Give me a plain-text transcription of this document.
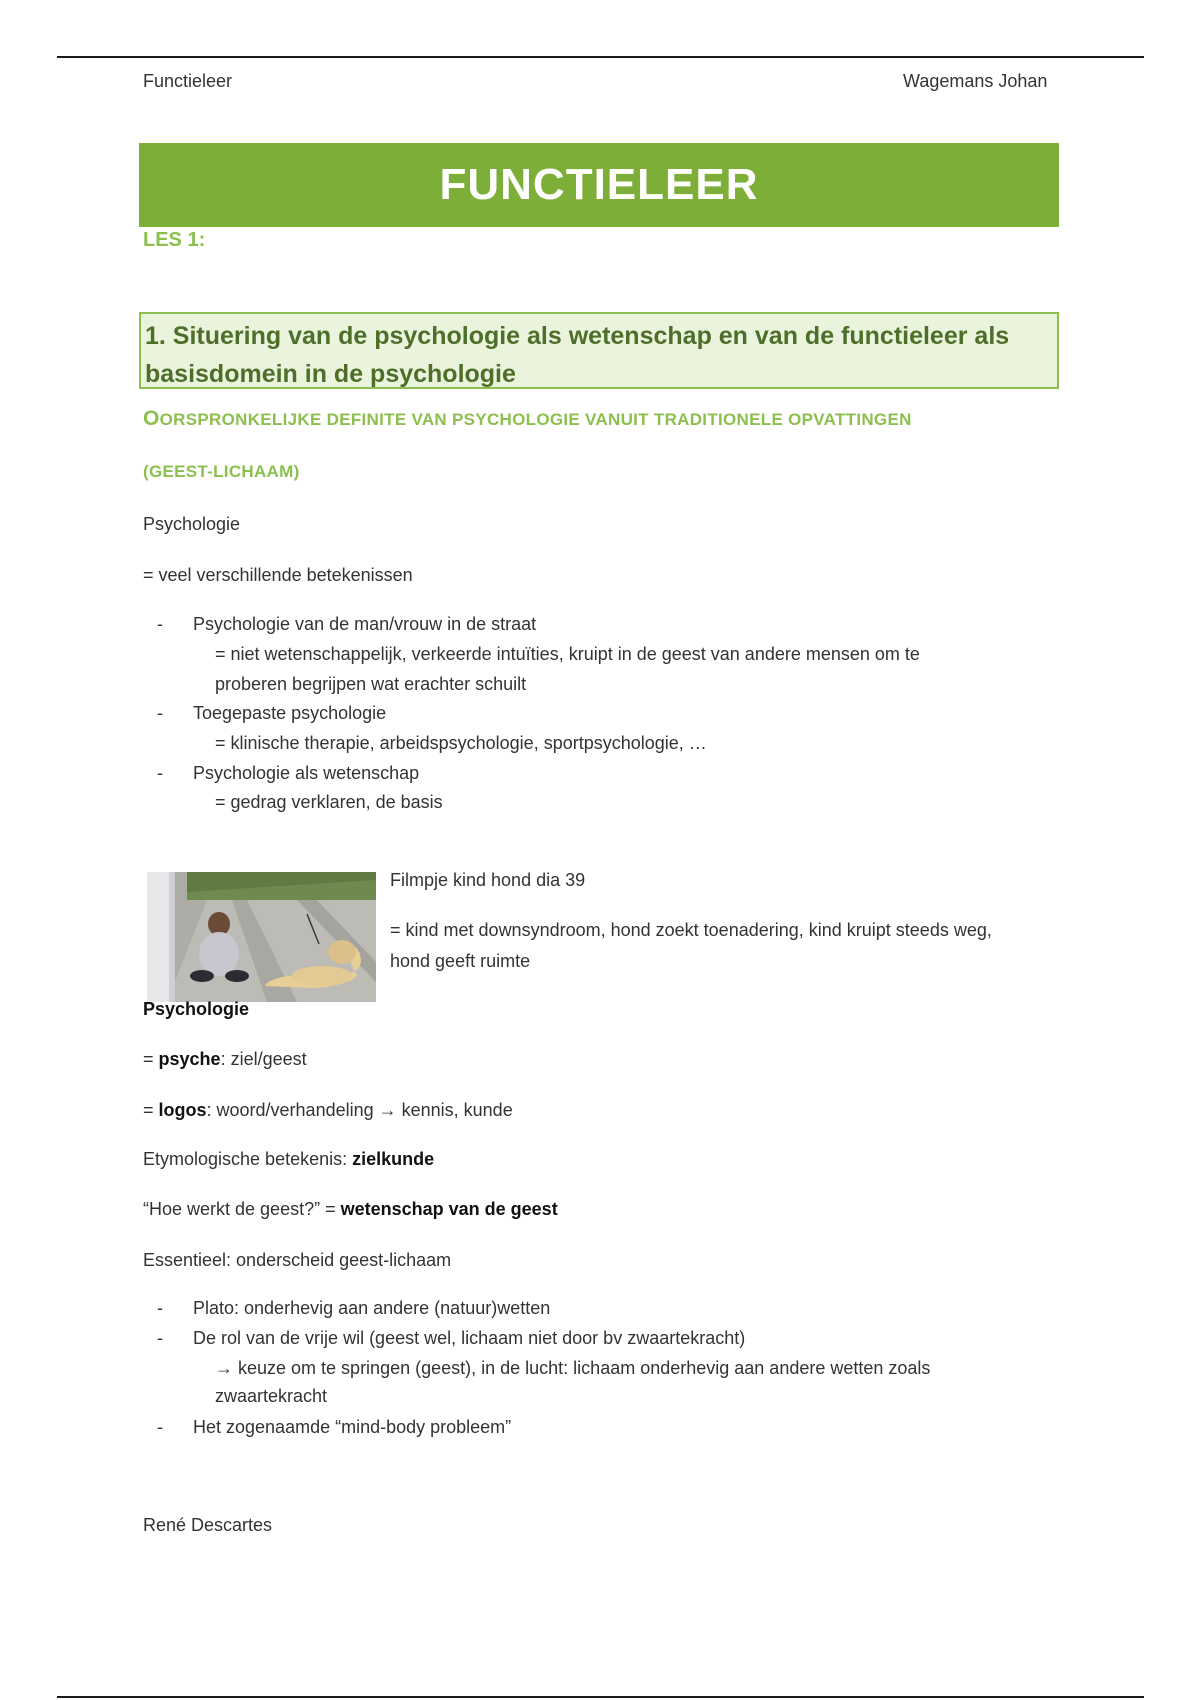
Functieleer	Wagemans Johan
FUNCTIELEER
LES 1:
1. Situering van de psychologie als wetenschap en van de functieleer als
basisdomein in de psychologie
OORSPRONKELIJKE DEFINITE VAN PSYCHOLOGIE VANUIT TRADITIONELE OPVATTINGEN
(GEEST-LICHAAM)
Psychologie
= veel verschillende betekenissen
- Psychologie van de man/vrouw in de straat
= niet wetenschappelijk, verkeerde intuïties, kruipt in de geest van andere mensen om te
proberen begrijpen wat erachter schuilt
- Toegepaste psychologie
= klinische therapie, arbeidspsychologie, sportpsychologie, …
- Psychologie als wetenschap
= gedrag verklaren, de basis
Filmpje kind hond dia 39
= kind met downsyndroom, hond zoekt toenadering, kind kruipt steeds weg,
hond geeft ruimte
Psychologie
= psyche: ziel/geest
= logos: woord/verhandeling → kennis, kunde
Etymologische betekenis: zielkunde
“Hoe werkt de geest?” = wetenschap van de geest
Essentieel: onderscheid geest-lichaam
- Plato: onderhevig aan andere (natuur)wetten
- De rol van de vrije wil (geest wel, lichaam niet door bv zwaartekracht)
→ keuze om te springen (geest), in de lucht: lichaam onderhevig aan andere wetten zoals
zwaartekracht
- Het zogenaamde “mind-body probleem”
René Descartes
